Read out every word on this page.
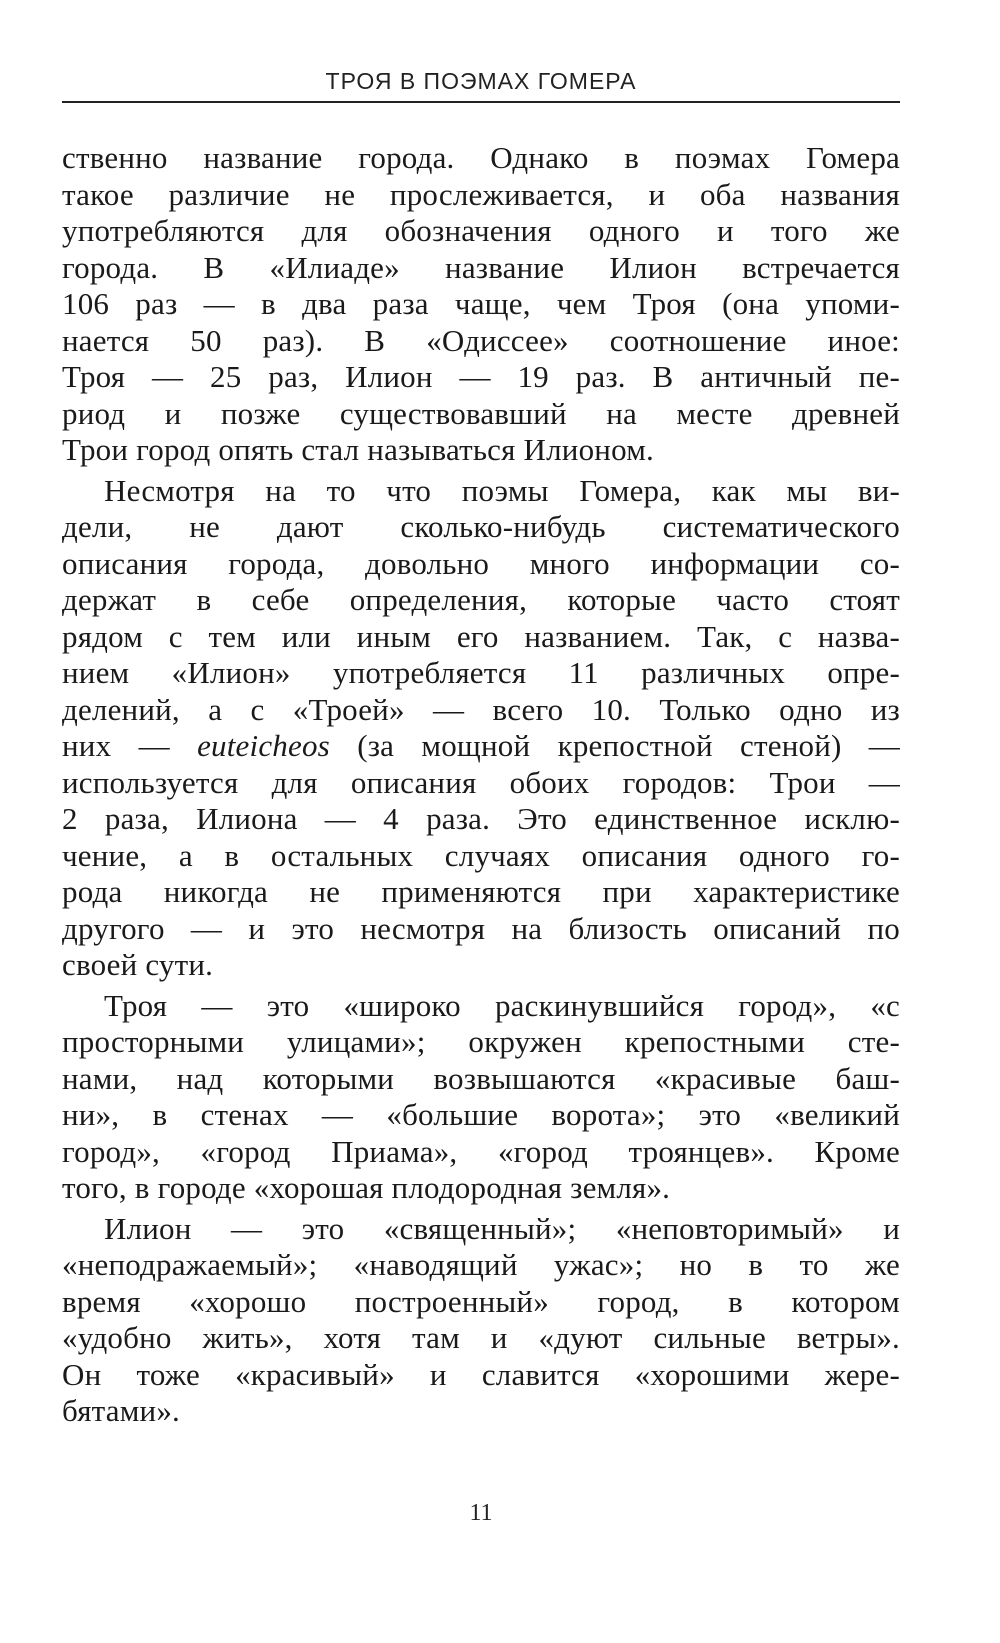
ТРОЯ В ПОЭМАХ ГОМЕРА
ственно название города. Однако в поэмах Гомера
такое различие не прослеживается, и оба названия
употребляются для обозначения одного и того же
города. В «Илиаде» название Илион встречается
106 раз — в два раза чаще, чем Троя (она упоми-
нается 50 раз). В «Одиссее» соотношение иное:
Троя — 25 раз, Илион — 19 раз. В античный пе-
риод и позже существовавший на месте древней
Трои город опять стал называться Илионом.
Несмотря на то что поэмы Гомера, как мы ви-
дели, не дают сколько-нибудь систематического
описания города, довольно много информации со-
держат в себе определения, которые часто стоят
рядом с тем или иным его названием. Так, с назва-
нием «Илион» употребляется 11 различных опре-
делений, а с «Троей» — всего 10. Только одно из
них — euteicheos (за мощной крепостной стеной) —
используется для описания обоих городов: Трои —
2 раза, Илиона — 4 раза. Это единственное исклю-
чение, а в остальных случаях описания одного го-
рода никогда не применяются при характеристике
другого — и это несмотря на близость описаний по
своей сути.
Троя — это «широко раскинувшийся город», «с
просторными улицами»; окружен крепостными сте-
нами, над которыми возвышаются «красивые баш-
ни», в стенах — «большие ворота»; это «великий
город», «город Приама», «город троянцев». Кроме
того, в городе «хорошая плодородная земля».
Илион — это «священный»; «неповторимый» и
«неподражаемый»; «наводящий ужас»; но в то же
время «хорошо построенный» город, в котором
«удобно жить», хотя там и «дуют сильные ветры».
Он тоже «красивый» и славится «хорошими жере-
бятами».
11
